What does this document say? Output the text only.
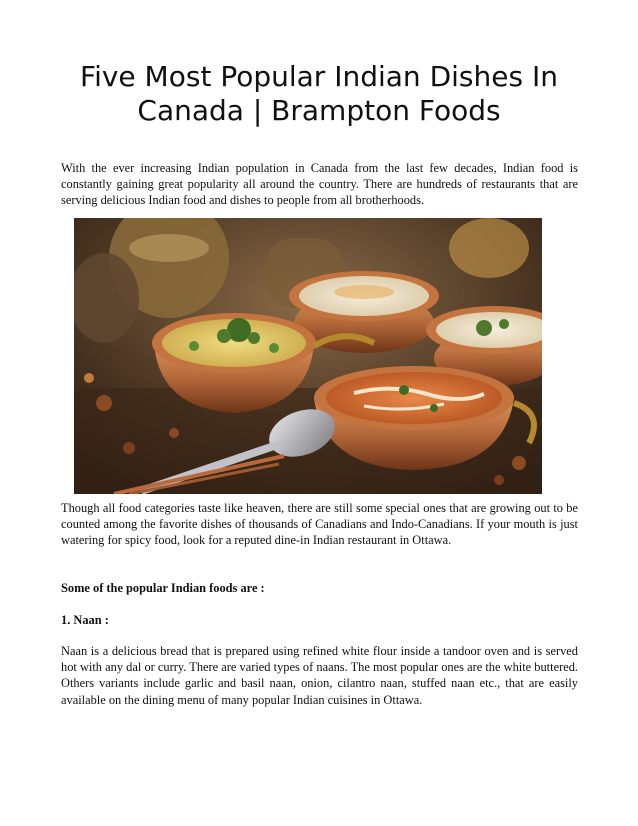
Five Most Popular Indian Dishes In Canada | Brampton Foods

With the ever increasing Indian population in Canada from the last few decades, Indian food is constantly gaining great popularity all around the country. There are hundreds of restaurants that are serving delicious Indian food and dishes to people from all brotherhoods.

Though all food categories taste like heaven, there are still some special ones that are growing out to be counted among the favorite dishes of thousands of Canadians and Indo-Canadians. If your mouth is just watering for spicy food, look for a reputed dine-in Indian restaurant in Ottawa.

Some of the popular Indian foods are :

1. Naan :

Naan is a delicious bread that is prepared using refined white flour inside a tandoor oven and is served hot with any dal or curry. There are varied types of naans. The most popular ones are the white buttered. Others variants include garlic and basil naan, onion, cilantro naan, stuffed naan etc., that are easily available on the dining menu of many popular Indian cuisines in Ottawa.
